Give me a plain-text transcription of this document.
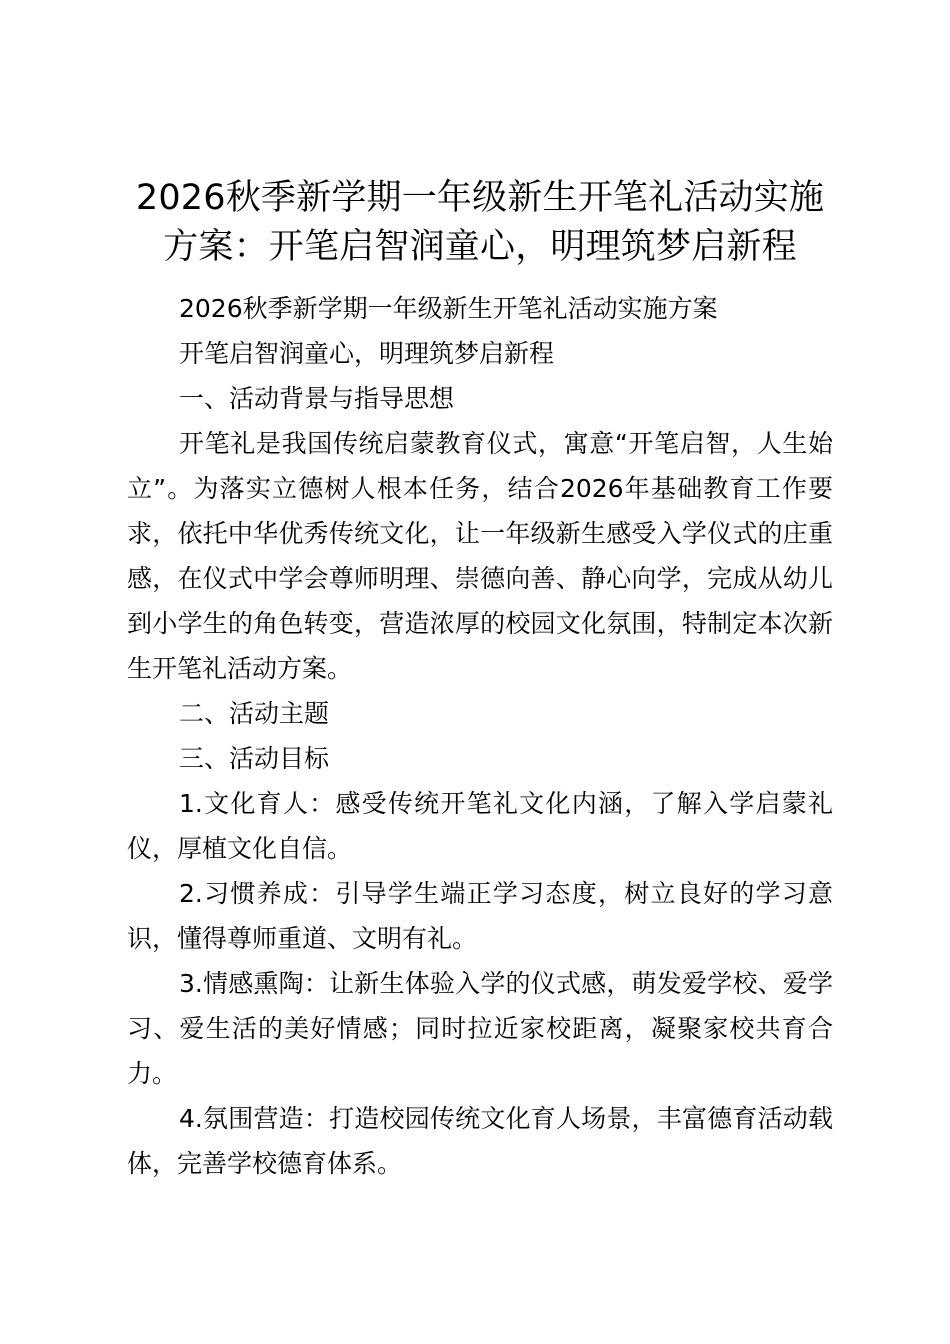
2026秋季新学期一年级新生开笔礼活动实施
方案：开笔启智润童心，明理筑梦启新程

2026秋季新学期一年级新生开笔礼活动实施方案

开笔启智润童心，明理筑梦启新程

一、活动背景与指导思想

开笔礼是我国传统启蒙教育仪式，寓意“开笔启智，人生始立”。为落实立德树人根本任务，结合2026年基础教育工作要求，依托中华优秀传统文化，让一年级新生感受入学仪式的庄重感，在仪式中学会尊师明理、崇德向善、静心向学，完成从幼儿到小学生的角色转变，营造浓厚的校园文化氛围，特制定本次新生开笔礼活动方案。

二、活动主题

三、活动目标

1.文化育人：感受传统开笔礼文化内涵，了解入学启蒙礼仪，厚植文化自信。

2.习惯养成：引导学生端正学习态度，树立良好的学习意识，懂得尊师重道、文明有礼。

3.情感熏陶：让新生体验入学的仪式感，萌发爱学校、爱学习、爱生活的美好情感；同时拉近家校距离，凝聚家校共育合力。

4.氛围营造：打造校园传统文化育人场景，丰富德育活动载体，完善学校德育体系。
